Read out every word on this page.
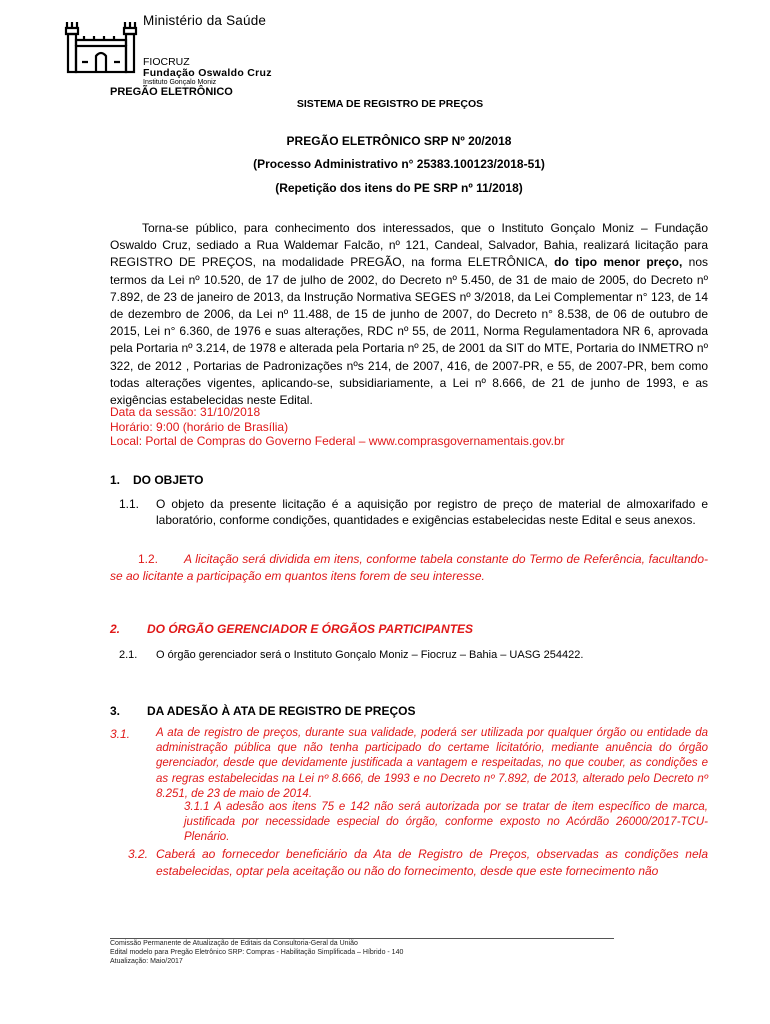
Ministério da Saúde
FIOCRUZ
Fundação Oswaldo Cruz
Instituto Gonçalo Moniz
PREGÃO ELETRÔNICO
SISTEMA DE REGISTRO DE PREÇOS
PREGÃO ELETRÔNICO SRP Nº 20/2018
(Processo Administrativo n° 25383.100123/2018-51)
(Repetição dos itens do PE SRP nº 11/2018)
Torna-se público, para conhecimento dos interessados, que o Instituto Gonçalo Moniz – Fundação Oswaldo Cruz, sediado a Rua Waldemar Falcão, nº 121, Candeal, Salvador, Bahia, realizará licitação para REGISTRO DE PREÇOS, na modalidade PREGÃO, na forma ELETRÔNICA, do tipo menor preço, nos termos da Lei nº 10.520, de 17 de julho de 2002, do Decreto nº 5.450, de 31 de maio de 2005, do Decreto nº 7.892, de 23 de janeiro de 2013, da Instrução Normativa SEGES nº 3/2018, da Lei Complementar n° 123, de 14 de dezembro de 2006, da Lei nº 11.488, de 15 de junho de 2007, do Decreto n° 8.538, de 06 de outubro de 2015, Lei n° 6.360, de 1976 e suas alterações, RDC nº 55, de 2011, Norma Regulamentadora NR 6, aprovada pela Portaria nº 3.214, de 1978 e alterada pela Portaria nº 25, de 2001 da SIT do MTE, Portaria do INMETRO nº 322, de 2012 , Portarias de Padronizações nºs 214, de 2007, 416, de 2007-PR, e 55, de 2007-PR, bem como todas alterações vigentes, aplicando-se, subsidiariamente, a Lei nº 8.666, de 21 de junho de 1993, e as exigências estabelecidas neste Edital.
Data da sessão: 31/10/2018
Horário: 9:00 (horário de Brasília)
Local: Portal de Compras do Governo Federal – www.comprasgovernamentais.gov.br
1. DO OBJETO
1.1. O objeto da presente licitação é a aquisição por registro de preço de material de almoxarifado e laboratório, conforme condições, quantidades e exigências estabelecidas neste Edital e seus anexos.
1.2. A licitação será dividida em itens, conforme tabela constante do Termo de Referência, facultando-se ao licitante a participação em quantos itens forem de seu interesse.
2. DO ÓRGÃO GERENCIADOR E ÓRGÃOS PARTICIPANTES
2.1. O órgão gerenciador será o Instituto Gonçalo Moniz – Fiocruz – Bahia – UASG 254422.
3. DA ADESÃO À ATA DE REGISTRO DE PREÇOS
3.1. A ata de registro de preços, durante sua validade, poderá ser utilizada por qualquer órgão ou entidade da administração pública que não tenha participado do certame licitatório, mediante anuência do órgão gerenciador, desde que devidamente justificada a vantagem e respeitadas, no que couber, as condições e as regras estabelecidas na Lei nº 8.666, de 1993 e no Decreto nº 7.892, de 2013, alterado pelo Decreto nº 8.251, de 23 de maio de 2014.
3.1.1 A adesão aos itens 75 e 142 não será autorizada por se tratar de item específico de marca, justificada por necessidade especial do órgão, conforme exposto no Acórdão 26000/2017-TCU-Plenário.
3.2. Caberá ao fornecedor beneficiário da Ata de Registro de Preços, observadas as condições nela estabelecidas, optar pela aceitação ou não do fornecimento, desde que este fornecimento não
Comissão Permanente de Atualização de Editais da Consultoria-Geral da União
Edital modelo para Pregão Eletrônico SRP: Compras - Habilitação Simplificada – Híbrido - 140
Atualização: Maio/2017
